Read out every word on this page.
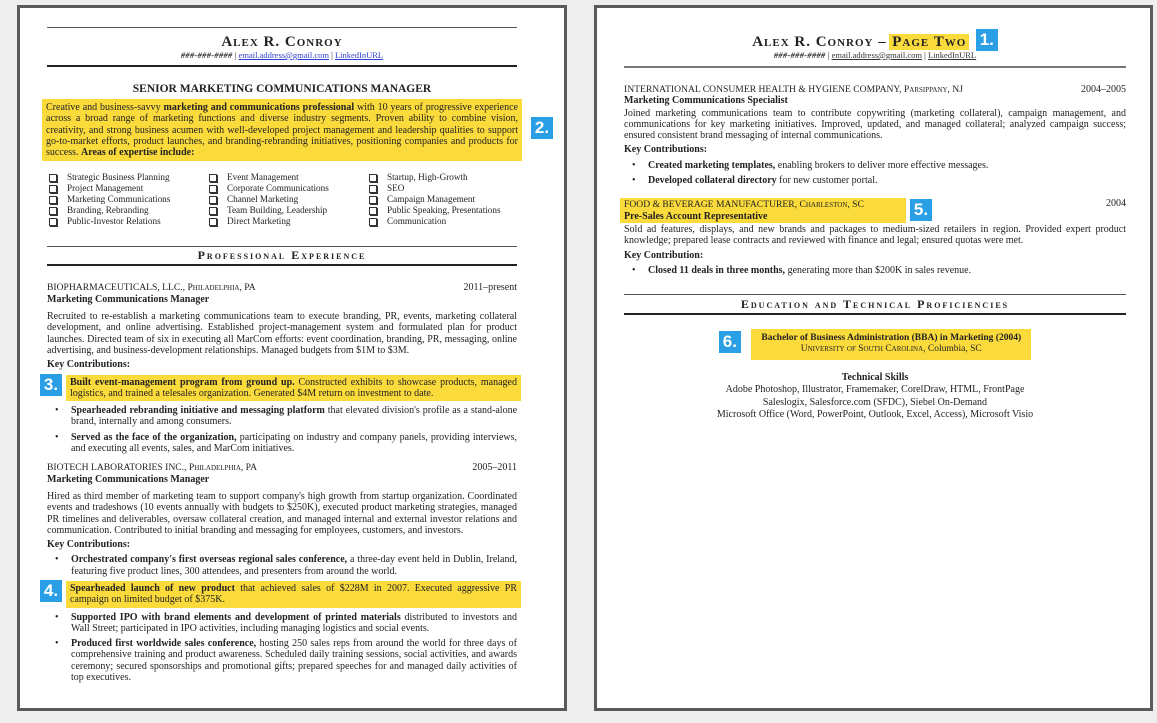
Alex R. Conroy
###-###-#### | email.address@gmail.com | LinkedInURL
SENIOR MARKETING COMMUNICATIONS MANAGER
Creative and business-savvy marketing and communications professional with 10 years of progressive experience across a broad range of marketing functions and diverse industry segments. Proven ability to combine vision, creativity, and strong business acumen with well-developed project management and leadership qualities to support go-to-market efforts, product launches, and branding-rebranding initiatives, positioning companies and products for success. Areas of expertise include:
2.
Strategic Business Planning
Project Management
Marketing Communications
Branding, Rebranding
Public-Investor Relations
Event Management
Corporate Communications
Channel Marketing
Team Building, Leadership
Direct Marketing
Startup, High-Growth
SEO
Campaign Management
Public Speaking, Presentations
Communication
Professional Experience
BIOPHARMACEUTICALS, LLC., Philadelphia, PA	2011–present
Marketing Communications Manager
Recruited to re-establish a marketing communications team to execute branding, PR, events, marketing collateral development, and online advertising. Established project-management system and formulated plan for product launches. Directed team of six in executing all MarCom efforts: event coordination, branding, PR, messaging, online advertising, and business-development relationships. Managed budgets from $1M to $3M.
Key Contributions:
3.	Built event-management program from ground up. Constructed exhibits to showcase products, managed logistics, and trained a telesales organization. Generated $4M return on investment to date.
• Spearheaded rebranding initiative and messaging platform that elevated division's profile as a stand-alone brand, internally and among consumers.
• Served as the face of the organization, participating on industry and company panels, providing interviews, and executing all events, sales, and MarCom initiatives.
BIOTECH LABORATORIES INC., Philadelphia, PA	2005–2011
Marketing Communications Manager
Hired as third member of marketing team to support company's high growth from startup organization. Coordinated events and tradeshows (10 events annually with budgets to $250K), executed product marketing strategies, managed PR timelines and deliverables, oversaw collateral creation, and managed internal and external investor relations and communication. Contributed to initial branding and messaging for employees, customers, and investors.
Key Contributions:
• Orchestrated company's first overseas regional sales conference, a three-day event held in Dublin, Ireland, featuring five product lines, 300 attendees, and presenters from around the world.
4.	Spearheaded launch of new product that achieved sales of $228M in 2007. Executed aggressive PR campaign on limited budget of $375K.
• Supported IPO with brand elements and development of printed materials distributed to investors and Wall Street; participated in IPO activities, including managing logistics and social events.
• Produced first worldwide sales conference, hosting 250 sales reps from around the world for three days of comprehensive training and product awareness. Scheduled daily training sessions, social activities, and awards ceremony; secured sponsorships and promotional gifts; prepared speeches for and managed daily activities of top executives.
Alex R. Conroy – Page Two 1.
###-###-#### | email.address@gmail.com | LinkedInURL
INTERNATIONAL CONSUMER HEALTH & HYGIENE COMPANY, Parsippany, NJ	2004–2005
Marketing Communications Specialist
Joined marketing communications team to contribute copywriting (marketing collateral), campaign management, and communications for key marketing initiatives. Improved, updated, and managed collateral; analyzed campaign success; ensured consistent brand messaging of internal communications.
Key Contributions:
• Created marketing templates, enabling brokers to deliver more effective messages.
• Developed collateral directory for new customer portal.
FOOD & BEVERAGE MANUFACTURER, Charleston, SC
Pre-Sales Account Representative	5.	2004
Sold ad features, displays, and new brands and packages to medium-sized retailers in region. Provided expert product knowledge; prepared lease contracts and reviewed with finance and legal; ensured quotas were met.
Key Contribution:
• Closed 11 deals in three months, generating more than $200K in sales revenue.
Education and Technical Proficiencies
6.	Bachelor of Business Administration (BBA) in Marketing (2004)
University of South Carolina, Columbia, SC
Technical Skills
Adobe Photoshop, Illustrator, Framemaker, CorelDraw, HTML, FrontPage
Saleslogix, Salesforce.com (SFDC), Siebel On-Demand
Microsoft Office (Word, PowerPoint, Outlook, Excel, Access), Microsoft Visio
